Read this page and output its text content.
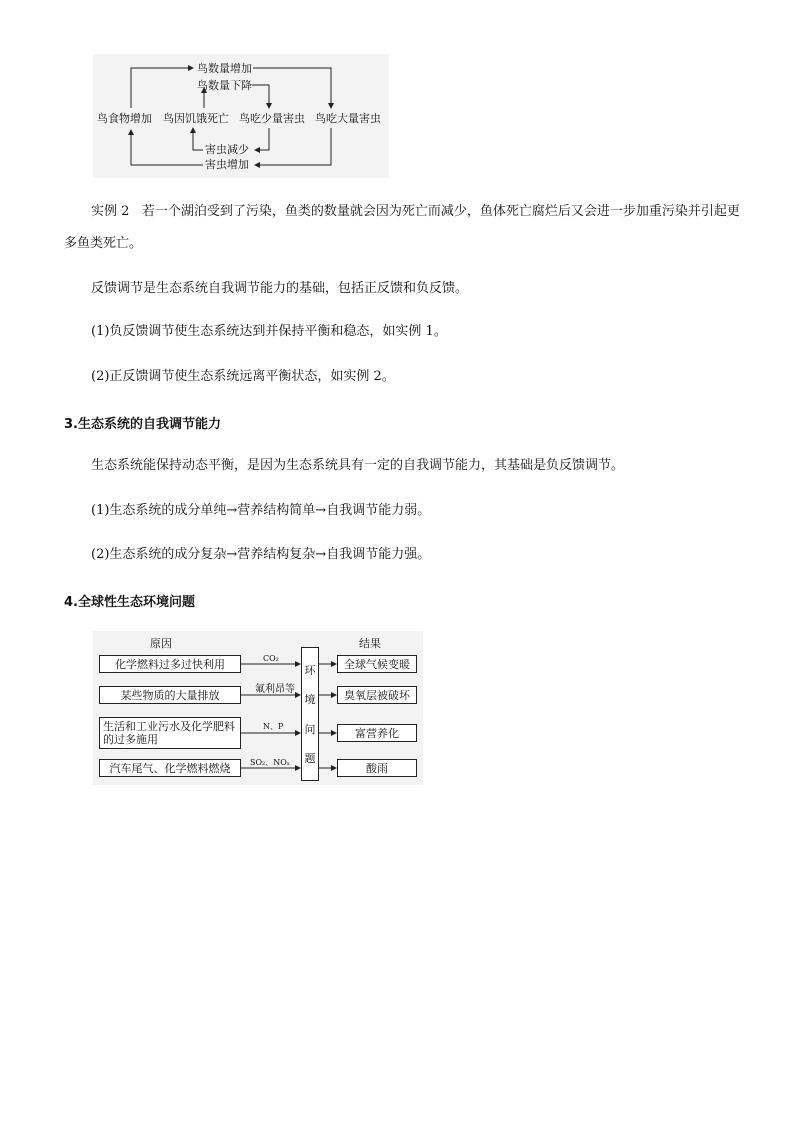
鸟数量增加
鸟数量下降
鸟食物增加 鸟因饥饿死亡 鸟吃少量害虫 鸟吃大量害虫
害虫减少
害虫增加
实例 2 若一个湖泊受到了污染，鱼类的数量就会因为死亡而减少，鱼体死亡腐烂后又会进一步加重污染并引起更多鱼类死亡。
反馈调节是生态系统自我调节能力的基础，包括正反馈和负反馈。
(1)负反馈调节使生态系统达到并保持平衡和稳态，如实例 1。
(2)正反馈调节使生态系统远离平衡状态，如实例 2。
3.生态系统的自我调节能力
生态系统能保持动态平衡，是因为生态系统具有一定的自我调节能力，其基础是负反馈调节。
(1)生态系统的成分单纯→营养结构简单→自我调节能力弱。
(2)生态系统的成分复杂→营养结构复杂→自我调节能力强。
4.全球性生态环境问题
原因	结果
化学燃料过多过快利用
某些物质的大量排放
生活和工业污水及化学肥料的过多施用
汽车尾气、化学燃料燃烧
CO₂
氟利昂等
N、P
SO₂、NOₓ
环
境
问
题
全球气候变暖
臭氧层被破坏
富营养化
酸雨
